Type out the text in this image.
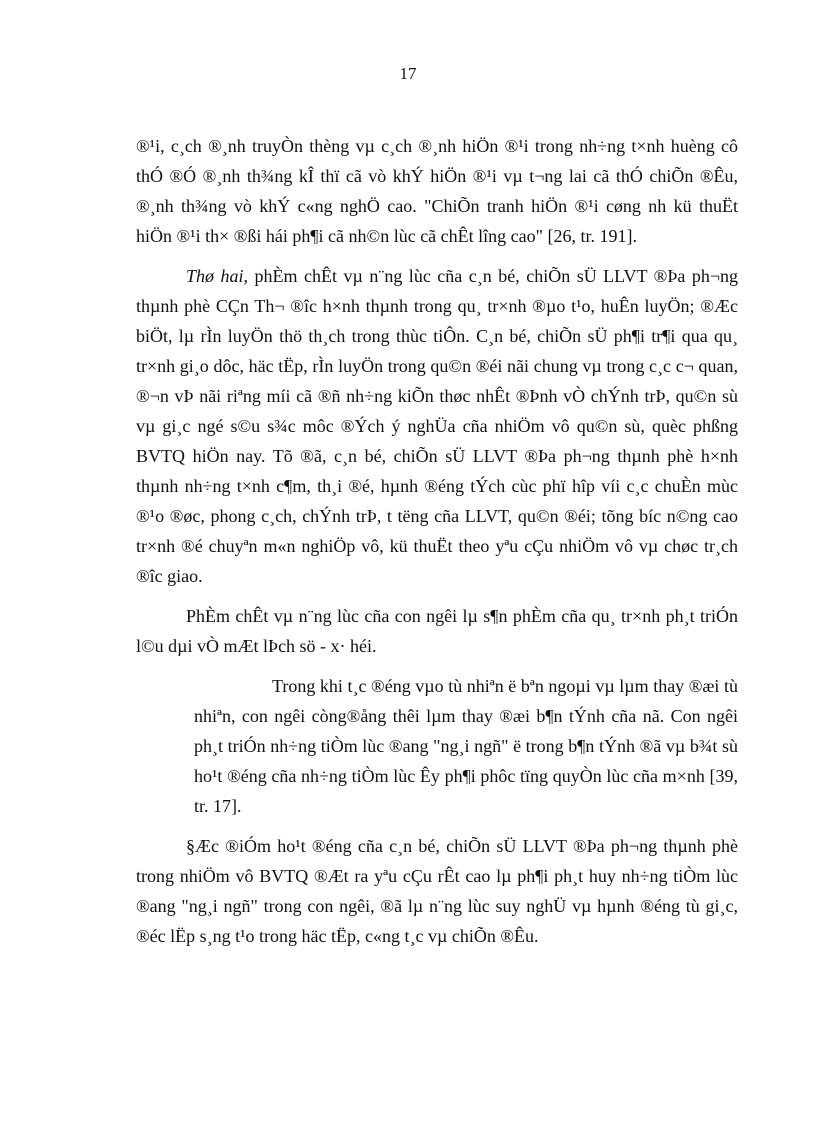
17

®¹i, c¸ch ®¸nh truyÒn thèng vµ c¸ch ®¸nh hiÖn ®¹i trong nh÷ng t×nh huèng cô thÓ ®Ó ®¸nh th¾ng kÎ thï cã vò khÝ hiÖn ®¹i vµ t¬ng lai cã thÓ chiÕn ®Êu, ®¸nh th¾ng vò khÝ c«ng nghÖ cao. "ChiÕn tranh hiÖn ®¹i cøng nh kü thuËt hiÖn ®¹i th× ®ßi hái ph¶i cã nh©n lùc cã chÊt lîng cao" [26, tr. 191].

Thø hai, phÈm chÊt vµ n¨ng lùc cña c¸n bé, chiÕn sÜ LLVT ®Þa ph¬ng thµnh phè CÇn Th¬ ®îc h×nh thµnh trong qu¸ tr×nh ®µo t¹o, huÊn luyÖn; ®Æc biÖt, lµ rÌn luyÖn thö th¸ch trong thùc tiÔn. C¸n bé, chiÕn sÜ ph¶i tr¶i qua qu¸ tr×nh gi¸o dôc, häc tËp, rÌn luyÖn trong qu©n ®éi nãi chung vµ trong c¸c c¬ quan, ®¬n vÞ nãi riªng míi cã ®ñ nh÷ng kiÕn thøc nhÊt ®Þnh vÒ chÝnh trÞ, qu©n sù vµ gi¸c ngé s©u s¾c môc ®Ých ý nghÜa cña nhiÖm vô qu©n sù, quèc phßng BVTQ hiÖn nay. Tõ ®ã, c¸n bé, chiÕn sÜ LLVT ®Þa ph¬ng thµnh phè h×nh thµnh nh÷ng t×nh c¶m, th¸i ®é, hµnh ®éng tÝch cùc phï hîp víi c¸c chuÈn mùc ®¹o ®øc, phong c¸ch, chÝnh trÞ, t tëng cña LLVT, qu©n ®éi; tõng bíc n©ng cao tr×nh ®é chuyªn m«n nghiÖp vô, kü thuËt theo yªu cÇu nhiÖm vô vµ chøc tr¸ch ®îc giao.

PhÈm chÊt vµ n¨ng lùc cña con ngêi lµ s¶n phÈm cña qu¸ tr×nh ph¸t triÓn l©u dµi vÒ mÆt lÞch sö - x· héi.

Trong khi t¸c ®éng vµo tù nhiªn ë bªn ngoµi vµ lµm thay ®æi tù nhiªn, con ngêi còng®ång thêi lµm thay ®æi b¶n tÝnh cña nã. Con ngêi ph¸t triÓn nh÷ng tiÒm lùc ®ang "ng¸i ngñ" ë trong b¶n tÝnh ®ã vµ b¾t sù ho¹t ®éng cña nh÷ng tiÒm lùc Êy ph¶i phôc tïng quyÒn lùc cña m×nh [39, tr. 17].

§Æc ®iÓm ho¹t ®éng cña c¸n bé, chiÕn sÜ LLVT ®Þa ph¬ng thµnh phè trong nhiÖm vô BVTQ ®Æt ra yªu cÇu rÊt cao lµ ph¶i ph¸t huy nh÷ng tiÒm lùc ®ang "ng¸i ngñ" trong con ngêi, ®ã lµ n¨ng lùc suy nghÜ vµ hµnh ®éng tù gi¸c, ®éc lËp s¸ng t¹o trong häc tËp, c«ng t¸c vµ chiÕn ®Êu.
